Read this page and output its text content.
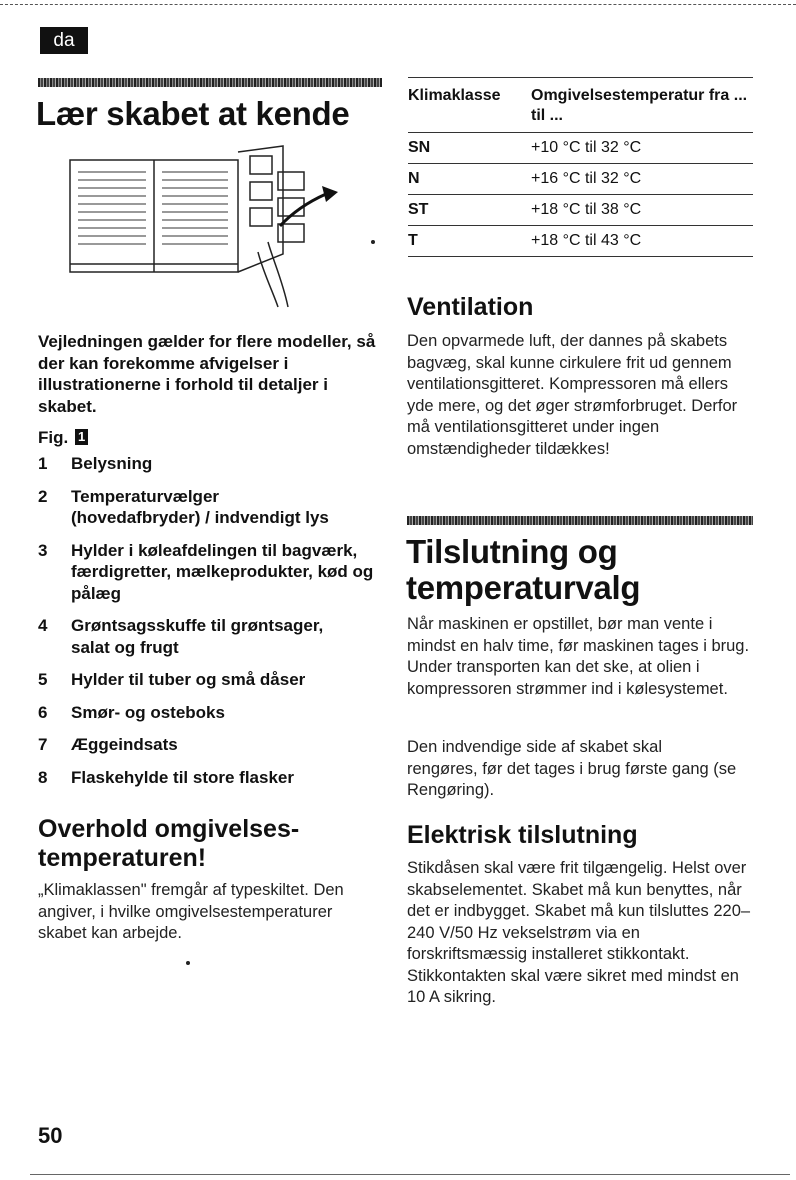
da
Lær skabet at kende
Vejledningen gælder for flere modeller, så der kan forekomme afvigelser i illustrationerne i forhold til detaljer i skabet.
Fig. 1
1	Belysning
2	Temperaturvælger (hovedafbryder) / indvendigt lys
3	Hylder i køleafdelingen til bagværk, færdigretter, mælkeprodukter, kød og pålæg
4	Grøntsagsskuffe til grøntsager, salat og frugt
5	Hylder til tuber og små dåser
6	Smør- og osteboks
7	Æggeindsats
8	Flaskehylde til store flasker
Overhold omgivelses-temperaturen!
„Klimaklassen" fremgår af typeskiltet. Den angiver, i hvilke omgivelsestemperaturer skabet kan arbejde.
50
Klimaklasse	Omgivelsestemperatur fra ... til ...
SN	+10 °C til 32 °C
N	+16 °C til 32 °C
ST	+18 °C til 38 °C
T	+18 °C til 43 °C
Ventilation
Den opvarmede luft, der dannes på skabets bagvæg, skal kunne cirkulere frit ud gennem ventilationsgitteret. Kompressoren må ellers yde mere, og det øger strømforbruget. Derfor må ventilationsgitteret under ingen omstændigheder tildækkes!
Tilslutning og temperaturvalg
Når maskinen er opstillet, bør man vente i mindst en halv time, før maskinen tages i brug. Under transporten kan det ske, at olien i kompressoren strømmer ind i kølesystemet.
Den indvendige side af skabet skal rengøres, før det tages i brug første gang (se Rengøring).
Elektrisk tilslutning
Stikdåsen skal være frit tilgængelig. Helst over skabselementet. Skabet må kun benyttes, når det er indbygget. Skabet må kun tilsluttes 220–240 V/50 Hz vekselstrøm via en forskriftsmæssig installeret stikkontakt. Stikkontakten skal være sikret med mindst en 10 A sikring.
